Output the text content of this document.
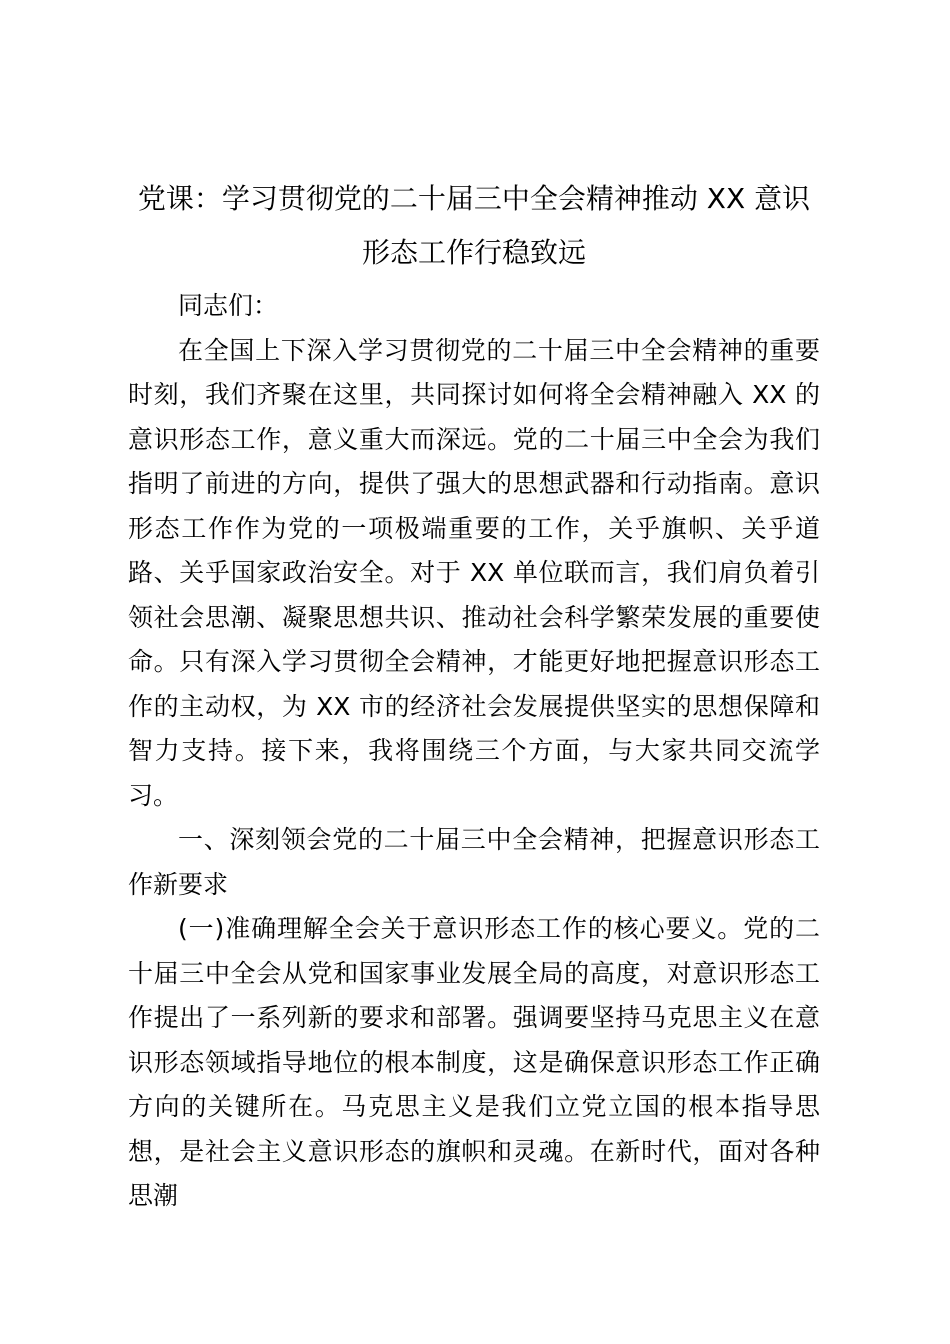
党课：学习贯彻党的二十届三中全会精神推动 XX 意识
形态工作行稳致远

同志们：

在全国上下深入学习贯彻党的二十届三中全会精神的重要时刻，我们齐聚在这里，共同探讨如何将全会精神融入 XX 的意识形态工作，意义重大而深远。党的二十届三中全会为我们指明了前进的方向，提供了强大的思想武器和行动指南。意识形态工作作为党的一项极端重要的工作，关乎旗帜、关乎道路、关乎国家政治安全。对于 XX 单位联而言，我们肩负着引领社会思潮、凝聚思想共识、推动社会科学繁荣发展的重要使命。只有深入学习贯彻全会精神，才能更好地把握意识形态工作的主动权，为 XX 市的经济社会发展提供坚实的思想保障和智力支持。接下来，我将围绕三个方面，与大家共同交流学习。

一、深刻领会党的二十届三中全会精神，把握意识形态工作新要求

(一)准确理解全会关于意识形态工作的核心要义。党的二十届三中全会从党和国家事业发展全局的高度，对意识形态工作提出了一系列新的要求和部署。强调要坚持马克思主义在意识形态领域指导地位的根本制度，这是确保意识形态工作正确方向的关键所在。马克思主义是我们立党立国的根本指导思想，是社会主义意识形态的旗帜和灵魂。在新时代，面对各种思潮
